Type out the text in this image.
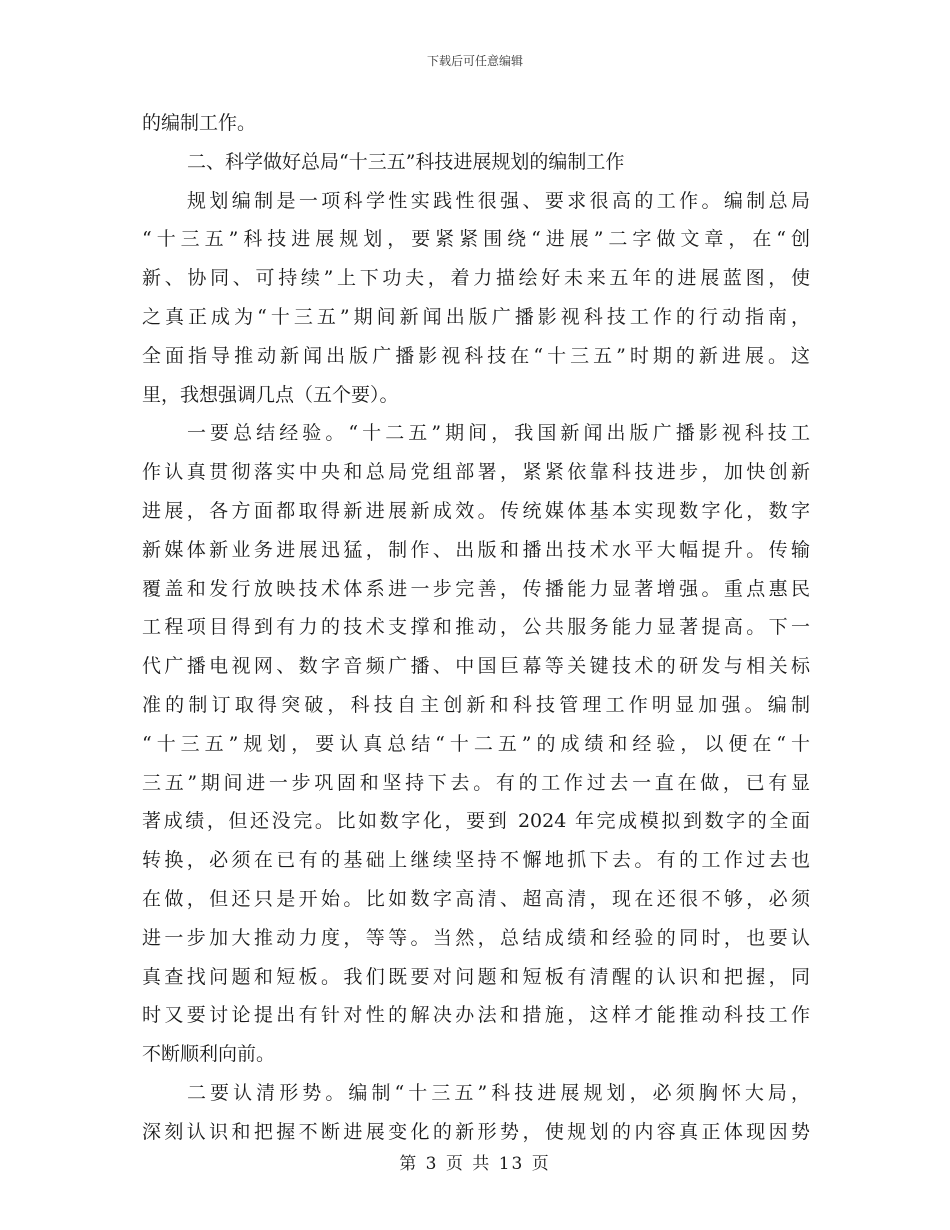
下载后可任意编辑
的编制工作。
二、科学做好总局“十三五”科技进展规划的编制工作
规划编制是一项科学性实践性很强、要求很高的工作。编制总局
“十三五”科技进展规划，要紧紧围绕“进展”二字做文章，在“创
新、协同、可持续”上下功夫，着力描绘好未来五年的进展蓝图，使
之真正成为“十三五”期间新闻出版广播影视科技工作的行动指南，
全面指导推动新闻出版广播影视科技在“十三五”时期的新进展。这
里，我想强调几点（五个要）。
一要总结经验。“十二五”期间，我国新闻出版广播影视科技工
作认真贯彻落实中央和总局党组部署，紧紧依靠科技进步，加快创新
进展，各方面都取得新进展新成效。传统媒体基本实现数字化，数字
新媒体新业务进展迅猛，制作、出版和播出技术水平大幅提升。传输
覆盖和发行放映技术体系进一步完善，传播能力显著增强。重点惠民
工程项目得到有力的技术支撑和推动，公共服务能力显著提高。下一
代广播电视网、数字音频广播、中国巨幕等关键技术的研发与相关标
准的制订取得突破，科技自主创新和科技管理工作明显加强。编制
“十三五”规划，要认真总结“十二五”的成绩和经验，以便在“十
三五”期间进一步巩固和坚持下去。有的工作过去一直在做，已有显
著成绩，但还没完。比如数字化，要到 2024 年完成模拟到数字的全面
转换，必须在已有的基础上继续坚持不懈地抓下去。有的工作过去也
在做，但还只是开始。比如数字高清、超高清，现在还很不够，必须
进一步加大推动力度，等等。当然，总结成绩和经验的同时，也要认
真查找问题和短板。我们既要对问题和短板有清醒的认识和把握，同
时又要讨论提出有针对性的解决办法和措施，这样才能推动科技工作
不断顺利向前。
二要认清形势。编制“十三五”科技进展规划，必须胸怀大局，
深刻认识和把握不断进展变化的新形势，使规划的内容真正体现因势
第 3 页 共 13 页
